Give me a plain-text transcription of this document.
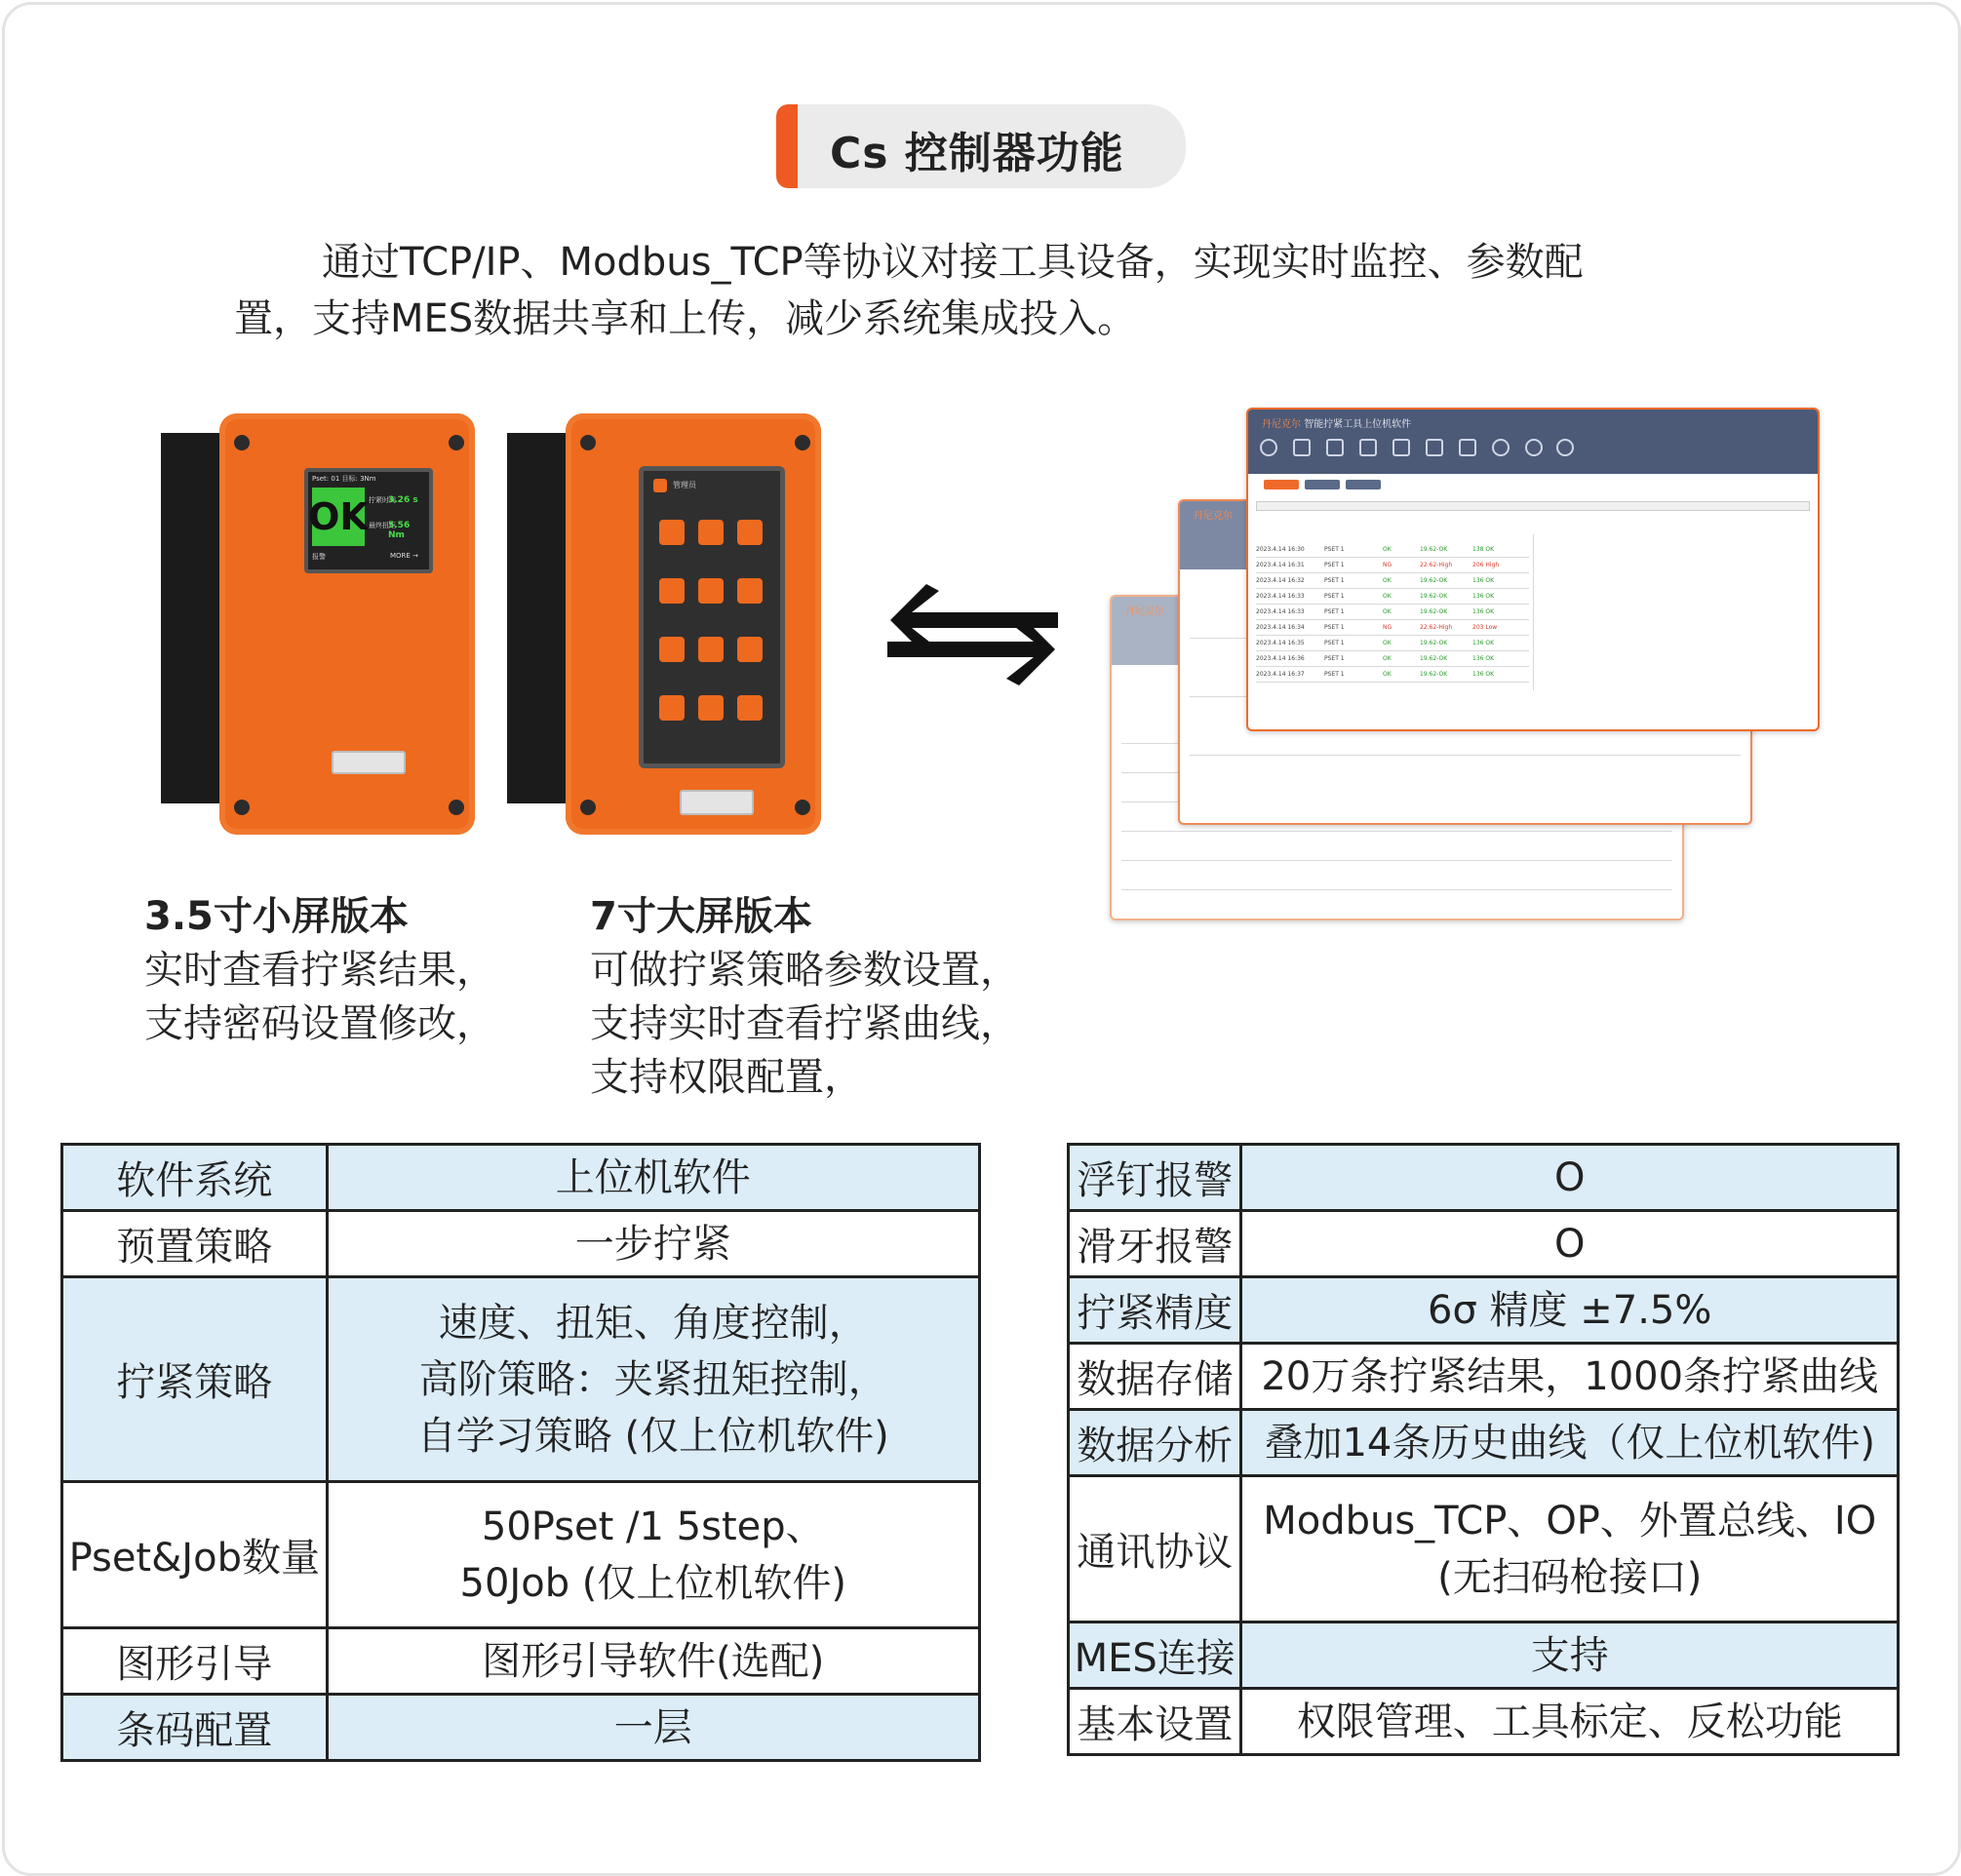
Cs 控制器功能
通过TCP/IP、Modbus_TCP等协议对接工具设备，实现实时监控、参数配
置，支持MES数据共享和上传，减少系统集成投入。
Pset: 01 目标: 3Nm
OK 拧紧时间
3.26 s
最终扭矩
5.56 Nm
报警	MORE →
管理员
3.5寸小屏版本
实时查看拧紧结果，
支持密码设置修改，
7寸大屏版本
可做拧紧策略参数设置，
支持实时查看拧紧曲线，
支持权限配置，
丹尼克尔
丹尼克尔
丹尼克尔 智能拧紧工具上位机软件
2023.4.14 16:30	PSET 1	OK	19.62-OK	138 OK
2023.4.14 16:31	PSET 1	NG	22.62-High	206 High
2023.4.14 16:32	PSET 1	OK	19.62-OK	136 OK
2023.4.14 16:33	PSET 1	OK	19.62-OK	136 OK
2023.4.14 16:33	PSET 1	OK	19.62-OK	136 OK
2023.4.14 16:34	PSET 1	NG	22.62-High	203 Low
2023.4.14 16:35	PSET 1	OK	19.62-OK	136 OK
2023.4.14 16:36	PSET 1	OK	19.62-OK	136 OK
2023.4.14 16:37	PSET 1	OK	19.62-OK	136 OK
软件系统	上位机软件

预置策略	一步拧紧

拧紧策略	速度、扭矩、角度控制，
高阶策略：夹紧扭矩控制，
自学习策略 (仅上位机软件)

Pset&Job数量	50Pset /1 5step、
50Job (仅上位机软件)

图形引导	图形引导软件(选配)

条码配置	一层
浮钉报警	O

滑牙报警	O

拧紧精度	6σ 精度 ±7.5%

数据存储	20万条拧紧结果，1000条拧紧曲线

数据分析	叠加14条历史曲线（仅上位机软件)

通讯协议	Modbus_TCP、OP、外置总线、IO
(无扫码枪接口)

MES连接	支持

基本设置	权限管理、工具标定、反松功能
